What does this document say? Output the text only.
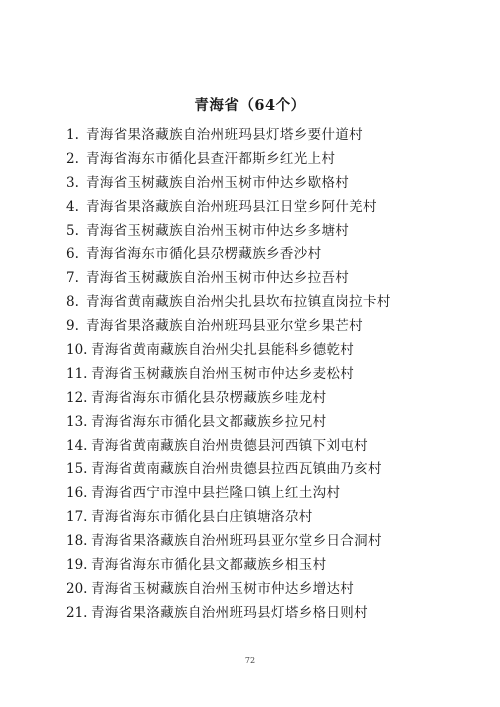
青海省（64个）
1. 青海省果洛藏族自治州班玛县灯塔乡要什道村
2. 青海省海东市循化县查汗都斯乡红光上村
3. 青海省玉树藏族自治州玉树市仲达乡歇格村
4. 青海省果洛藏族自治州班玛县江日堂乡阿什羌村
5. 青海省玉树藏族自治州玉树市仲达乡多塘村
6. 青海省海东市循化县尕楞藏族乡香沙村
7. 青海省玉树藏族自治州玉树市仲达乡拉吾村
8. 青海省黄南藏族自治州尖扎县坎布拉镇直岗拉卡村
9. 青海省果洛藏族自治州班玛县亚尔堂乡果芒村
10. 青海省黄南藏族自治州尖扎县能科乡德乾村
11. 青海省玉树藏族自治州玉树市仲达乡麦松村
12. 青海省海东市循化县尕楞藏族乡哇龙村
13. 青海省海东市循化县文都藏族乡拉兄村
14. 青海省黄南藏族自治州贵德县河西镇下刘屯村
15. 青海省黄南藏族自治州贵德县拉西瓦镇曲乃亥村
16. 青海省西宁市湟中县拦隆口镇上红土沟村
17. 青海省海东市循化县白庄镇塘洛尕村
18. 青海省果洛藏族自治州班玛县亚尔堂乡日合洞村
19. 青海省海东市循化县文都藏族乡相玉村
20. 青海省玉树藏族自治州玉树市仲达乡增达村
21. 青海省果洛藏族自治州班玛县灯塔乡格日则村
72
